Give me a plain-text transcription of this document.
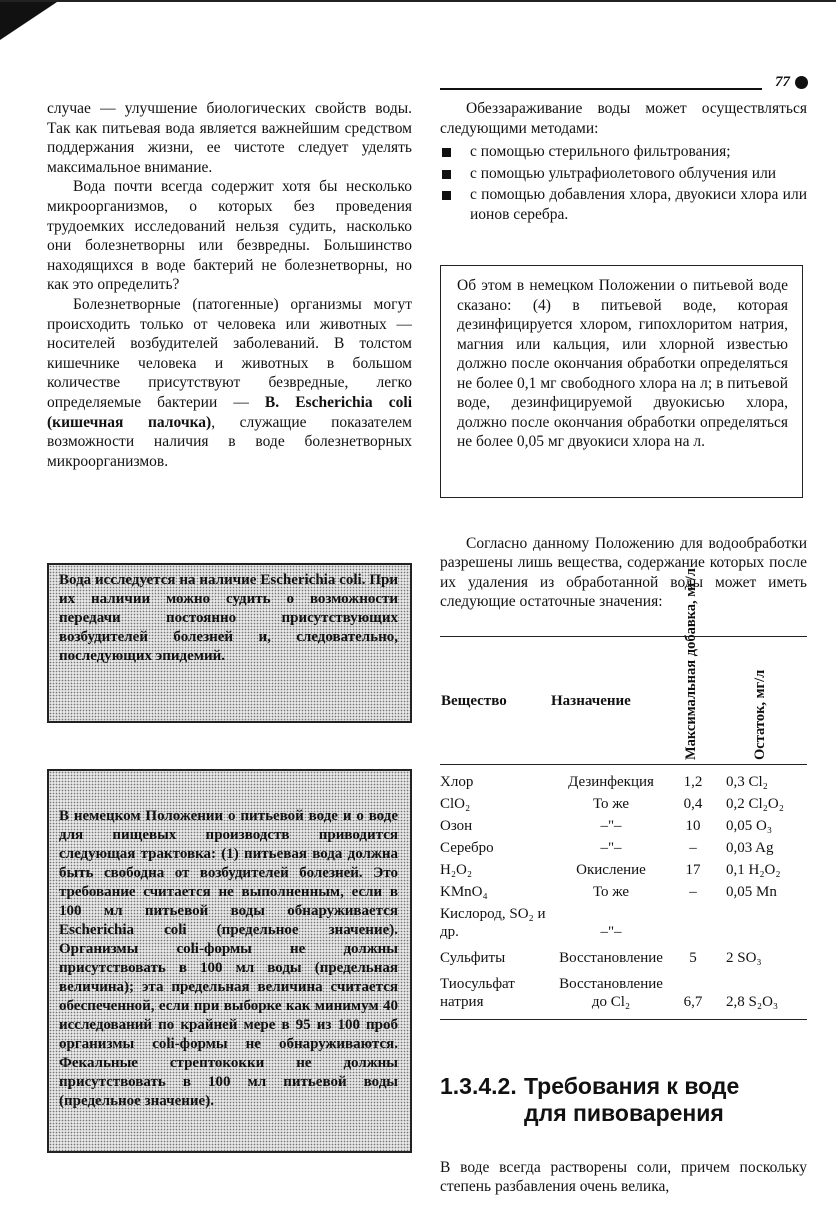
77

случае — улучшение биологических свойств воды. Так как питьевая вода является важнейшим средством поддержания жизни, ее чистоте следует уделять максимальное внимание.

Вода почти всегда содержит хотя бы несколько микроорганизмов, о которых без проведения трудоемких исследований нельзя судить, насколько они болезнетворны или безвредны. Большинство находящихся в воде бактерий не болезнетворны, но как это определить?

Болезнетворные (патогенные) организмы могут происходить только от человека или животных — носителей возбудителей заболеваний. В толстом кишечнике человека и животных в большом количестве присутствуют безвредные, легко определяемые бактерии — B. Escherichia coli (кишечная палочка), служащие показателем возможности наличия в воде болезнетворных микроорганизмов.

Вода исследуется на наличие Escherichia coli. При их наличии можно судить о возможности передачи постоянно присутствующих возбудителей болезней и, следовательно, последующих эпидемий.
В немецком Положении о питьевой воде и о воде для пищевых производств приводится следующая трактовка: (1) питьевая вода должна быть свободна от возбудителей болезней. Это требование считается не выполненным, если в 100 мл питьевой воды обнаруживается Escherichia coli (предельное значение). Организмы coli-формы не должны присутствовать в 100 мл воды (предельная величина); эта предельная величина считается обеспеченной, если при выборке как минимум 40 исследований по крайней мере в 95 из 100 проб организмы coli-формы не обнаруживаются. Фекальные стрептококки не должны присутствовать в 100 мл питьевой воды (предельное значение).

Обеззараживание воды может осуществляться следующими методами:

с помощью стерильного фильтрования;
с помощью ультрафиолетового облучения или
с помощью добавления хлора, двуокиси хлора или ионов серебра.

Об этом в немецком Положении о питьевой воде сказано: (4) в питьевой воде, которая дезинфицируется хлором, гипохлоритом натрия, магния или кальция, или хлорной известью должно после окончания обработки определяться не более 0,1 мг свободного хлора на л; в питьевой воде, дезинфицируемой двуокисью хлора, должно после окончания обработки определяться не более 0,05 мг двуокиси хлора на л.

Согласно данному Положению для водообработки разрешены лишь вещества, содержание которых после их удаления из обработанной воды может иметь следующие остаточные значения:

Вещество	Назначение	Максимальная добавка, мг/л	Остаток, мг/л

Хлор	Дезинфекция	1,2	0,3 Cl₂
ClO₂	То же	0,4	0,2 Cl₂O₂
Озон	–"–	10	0,05 O₃
Серебро	–"–	–	0,03 Ag
H₂O₂	Окисление	17	0,1 H₂O₂
KMnO₄	То же	–	0,05 Mn
Кислород, SO₂ и др.	–"–		
Сульфиты	Восстановление	5	2 SO₃
Тиосульфат натрия	Восстановление до Cl₂	6,7	2,8 S₂O₃
1.3.4.2. Требования к воде
для пивоварения

В воде всегда растворены соли, причем поскольку степень разбавления очень велика,
